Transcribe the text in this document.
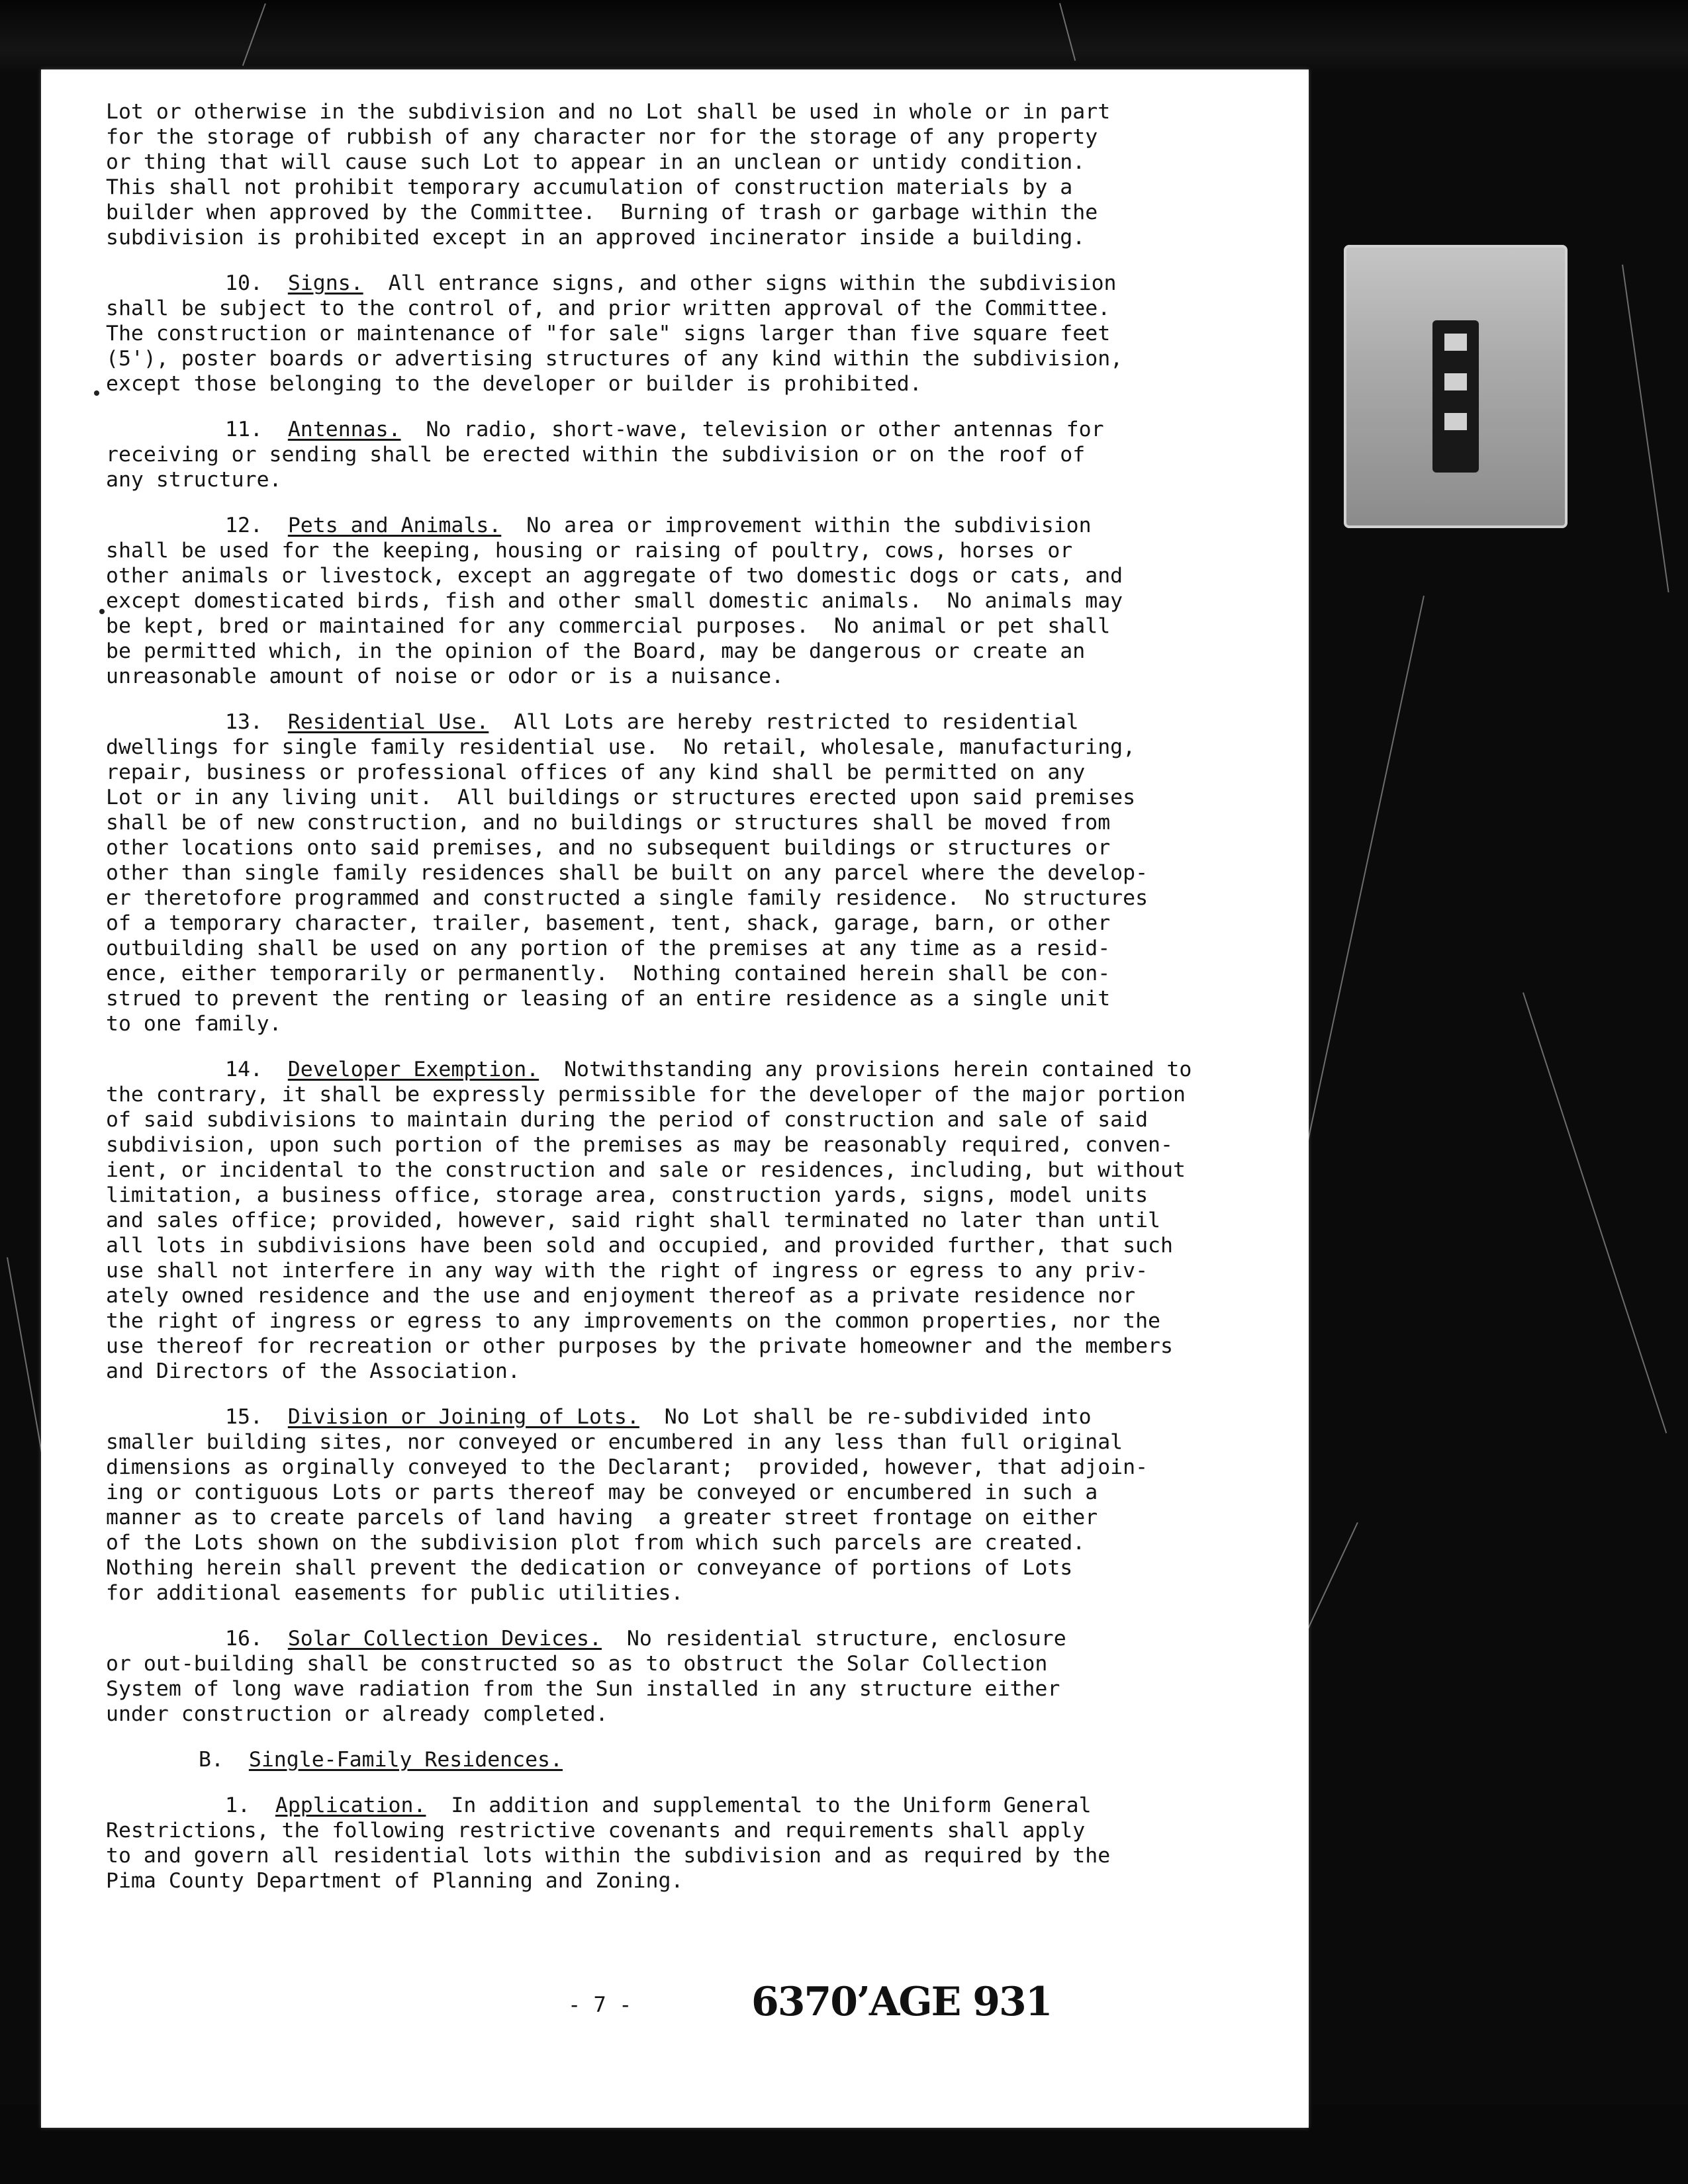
Lot or otherwise in the subdivision and no Lot shall be used in whole or in part
for the storage of rubbish of any character nor for the storage of any property
or thing that will cause such Lot to appear in an unclean or untidy condition.
This shall not prohibit temporary accumulation of construction materials by a
builder when approved by the Committee.  Burning of trash or garbage within the
subdivision is prohibited except in an approved incinerator inside a building.
10. Signs. All entrance signs, and other signs within the subdivision
shall be subject to the control of, and prior written approval of the Committee.
The construction or maintenance of "for sale" signs larger than five square feet
(5'), poster boards or advertising structures of any kind within the subdivision,
except those belonging to the developer or builder is prohibited.
11. Antennas. No radio, short-wave, television or other antennas for
receiving or sending shall be erected within the subdivision or on the roof of
any structure.
12. Pets and Animals. No area or improvement within the subdivision
shall be used for the keeping, housing or raising of poultry, cows, horses or
other animals or livestock, except an aggregate of two domestic dogs or cats, and
except domesticated birds, fish and other small domestic animals.  No animals may
be kept, bred or maintained for any commercial purposes.  No animal or pet shall
be permitted which, in the opinion of the Board, may be dangerous or create an
unreasonable amount of noise or odor or is a nuisance.
13. Residential Use. All Lots are hereby restricted to residential
dwellings for single family residential use.  No retail, wholesale, manufacturing,
repair, business or professional offices of any kind shall be permitted on any
Lot or in any living unit.  All buildings or structures erected upon said premises
shall be of new construction, and no buildings or structures shall be moved from
other locations onto said premises, and no subsequent buildings or structures or
other than single family residences shall be built on any parcel where the develop-
er theretofore programmed and constructed a single family residence.  No structures
of a temporary character, trailer, basement, tent, shack, garage, barn, or other
outbuilding shall be used on any portion of the premises at any time as a resid-
ence, either temporarily or permanently.  Nothing contained herein shall be con-
strued to prevent the renting or leasing of an entire residence as a single unit
to one family.
14. Developer Exemption. Notwithstanding any provisions herein contained to
the contrary, it shall be expressly permissible for the developer of the major portion
of said subdivisions to maintain during the period of construction and sale of said
subdivision, upon such portion of the premises as may be reasonably required, conven-
ient, or incidental to the construction and sale or residences, including, but without
limitation, a business office, storage area, construction yards, signs, model units
and sales office; provided, however, said right shall terminated no later than until
all lots in subdivisions have been sold and occupied, and provided further, that such
use shall not interfere in any way with the right of ingress or egress to any priv-
ately owned residence and the use and enjoyment thereof as a private residence nor
the right of ingress or egress to any improvements on the common properties, nor the
use thereof for recreation or other purposes by the private homeowner and the members
and Directors of the Association.
15. Division or Joining of Lots. No Lot shall be re-subdivided into
smaller building sites, nor conveyed or encumbered in any less than full original
dimensions as orginally conveyed to the Declarant;  provided, however, that adjoin-
ing or contiguous Lots or parts thereof may be conveyed or encumbered in such a
manner as to create parcels of land having  a greater street frontage on either
of the Lots shown on the subdivision plot from which such parcels are created.
Nothing herein shall prevent the dedication or conveyance of portions of Lots
for additional easements for public utilities.
16. Solar Collection Devices. No residential structure, enclosure
or out-building shall be constructed so as to obstruct the Solar Collection
System of long wave radiation from the Sun installed in any structure either
under construction or already completed.
B. Single-Family Residences.
1. Application. In addition and supplemental to the Uniform General
Restrictions, the following restrictive covenants and requirements shall apply
to and govern all residential lots within the subdivision and as required by the
Pima County Department of Planning and Zoning.
- 7 -	6370’AGE 931
